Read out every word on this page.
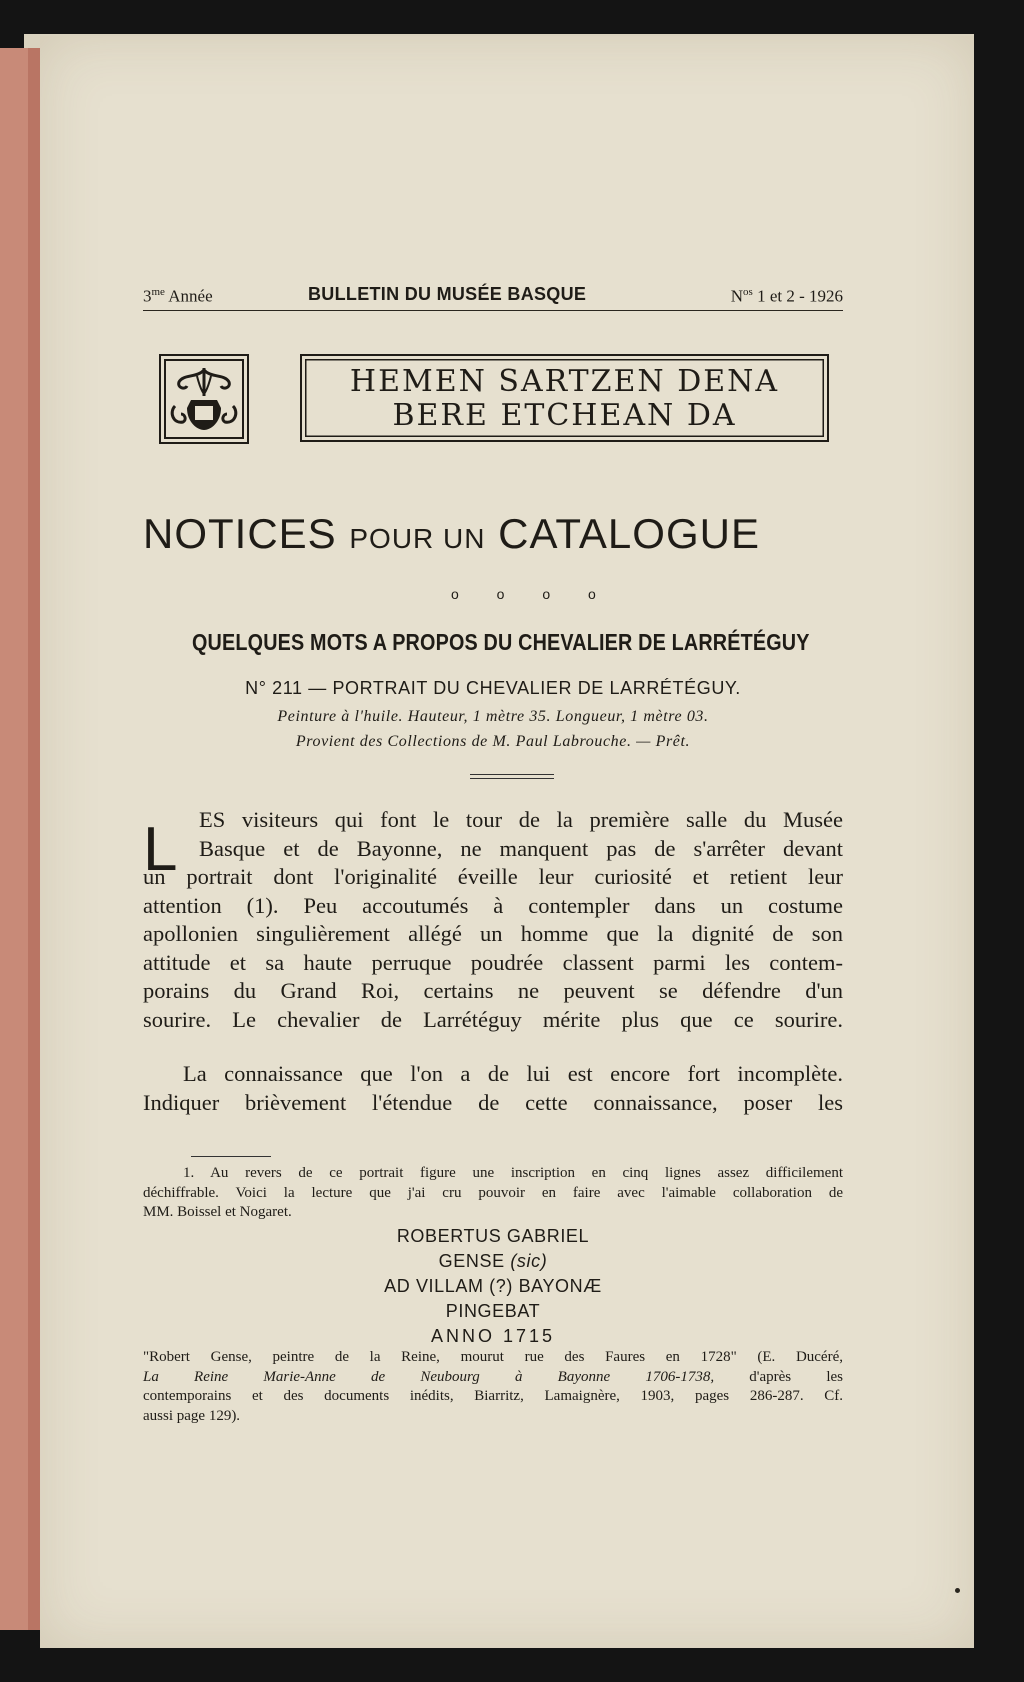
$3^{me}$ Année	BULLETIN DU MUSÉE BASQUE	$N^{os}$ 1 et 2 - 1926
HEMEN SARTZEN DENA
BERE ETCHEAN DA
NOTICES POUR UN CATALOGUE
o o o o
QUELQUES MOTS A PROPOS DU CHEVALIER DE LARRÉTÉGUY
N° 211 — PORTRAIT DU CHEVALIER DE LARRÉTÉGUY.
Peinture à l'huile. Hauteur, 1 mètre 35. Longueur, 1 mètre 03.
Provient des Collections de M. Paul Labrouche. — Prêt.
L ES visiteurs qui font le tour de la première salle du Musée
Basque et de Bayonne, ne manquent pas de s'arrêter devant
un portrait dont l'originalité éveille leur curiosité et retient leur
attention (1). Peu accoutumés à contempler dans un costume
apollonien singulièrement allégé un homme que la dignité de son
attitude et sa haute perruque poudrée classent parmi les contem-
porains du Grand Roi, certains ne peuvent se défendre d'un
sourire. Le chevalier de Larrétéguy mérite plus que ce sourire.
La connaissance que l'on a de lui est encore fort incomplète.
Indiquer brièvement l'étendue de cette connaissance, poser les
1. Au revers de ce portrait figure une inscription en cinq lignes assez difficilement
déchiffrable. Voici la lecture que j'ai cru pouvoir en faire avec l'aimable collaboration de
MM. Boissel et Nogaret.
ROBERTUS GABRIEL
GENSE (sic)
AD VILLAM (?) BAYONÆ
PINGEBAT
ANNO 1715
"Robert Gense, peintre de la Reine, mourut rue des Faures en 1728" (E. Ducéré,
La Reine Marie-Anne de Neubourg à Bayonne 1706-1738, d'après les
contemporains et des documents inédits, Biarritz, Lamaignère, 1903, pages 286-287. Cf.
aussi page 129).
